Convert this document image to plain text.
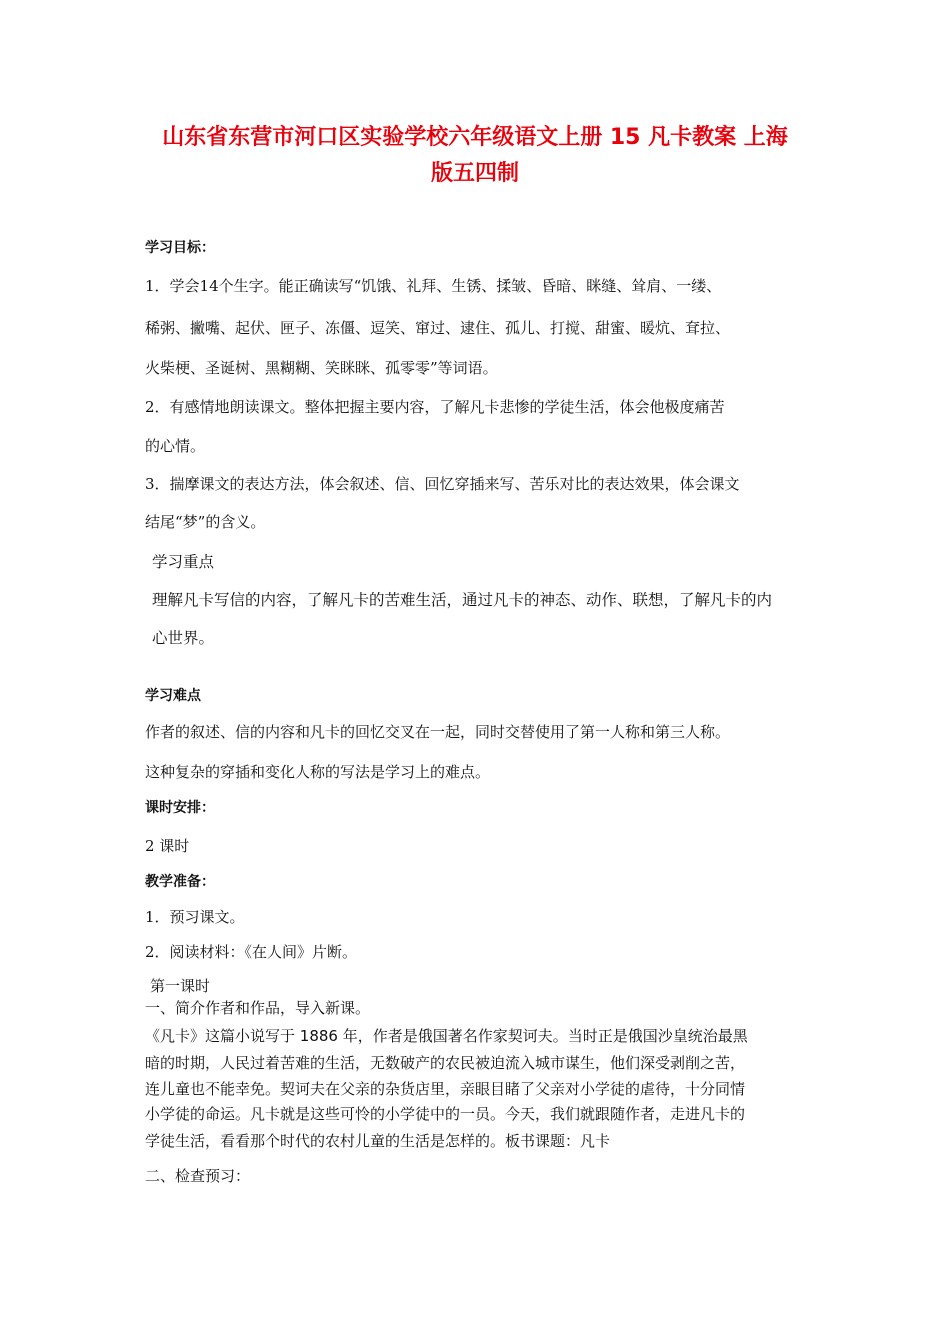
山东省东营市河口区实验学校六年级语文上册 15 凡卡教案 上海
版五四制
学习目标：
1．学会14个生字。能正确读写“饥饿、礼拜、生锈、揉皱、昏暗、眯缝、耸肩、一缕、
稀粥、撇嘴、起伏、匣子、冻僵、逗笑、窜过、逮住、孤儿、打搅、甜蜜、暖炕、耷拉、
火柴梗、圣诞树、黑糊糊、笑眯眯、孤零零”等词语。
2．有感情地朗读课文。整体把握主要内容，了解凡卡悲惨的学徒生活，体会他极度痛苦
的心情。
3．揣摩课文的表达方法，体会叙述、信、回忆穿插来写、苦乐对比的表达效果，体会课文
结尾“梦”的含义。
学习重点
理解凡卡写信的内容，了解凡卡的苦难生活，通过凡卡的神态、动作、联想，了解凡卡的内
心世界。
学习难点
作者的叙述、信的内容和凡卡的回忆交叉在一起，同时交替使用了第一人称和第三人称。
这种复杂的穿插和变化人称的写法是学习上的难点。
课时安排：
2 课时
教学准备：
1．预习课文。
2．阅读材料：《在人间》片断。
第一课时
一、简介作者和作品，导入新课。
《凡卡》这篇小说写于 1886 年，作者是俄国著名作家契诃夫。当时正是俄国沙皇统治最黑
暗的时期，人民过着苦难的生活，无数破产的农民被迫流入城市谋生，他们深受剥削之苦，
连儿童也不能幸免。契诃夫在父亲的杂货店里，亲眼目睹了父亲对小学徒的虐待，十分同情
小学徒的命运。凡卡就是这些可怜的小学徒中的一员。今天，我们就跟随作者，走进凡卡的
学徒生活，看看那个时代的农村儿童的生活是怎样的。板书课题：凡卡
二、检查预习：
